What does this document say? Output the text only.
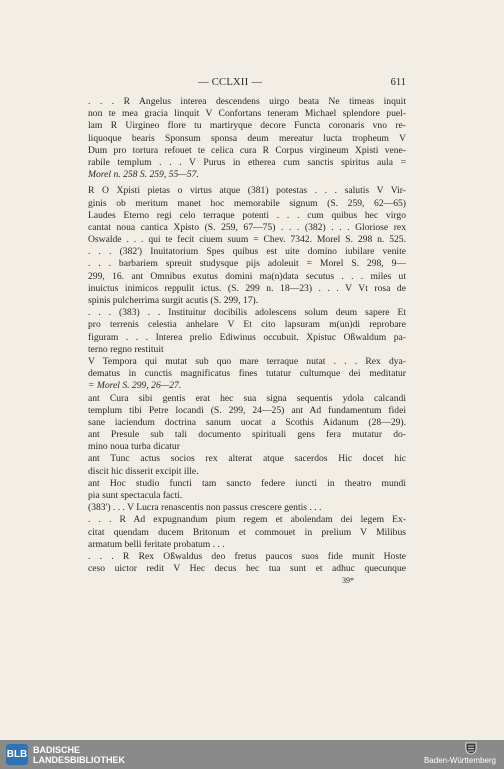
— CCLXII —	611
. . . R Angelus interea descendens uirgo beata Ne timeas inquit
non te mea gracia linquit V Confortans teneram Michael splendore puel-
lam R Uirgineo flore tu martiryque decore Functa coronaris vno re-
liquoque bearis Sponsum sponsa deum mereatur lucta tropheum V
Dum pro tortura refouet te celica cura R Corpus virgineum Xpisti vene-
rabile templum . . . V Purus in etherea cum sanctis spiritus aula =
Morel n. 258 S. 259, 55—57.
R O Xpisti pietas o virtus atque (381) potestas . . . salutis V Vir-
ginis ob meritum manet hoc memorabile signum (S. 259, 62—65)
Laudes Eterno regi celo terraque potenti . . . cum quibus hec virgo
cantat noua cantica Xpisto (S. 259, 67—75) . . . (382) . . . Gloriose rex
Oswalde . . . qui te fecit ciuem suum = Chev. 7342. Morel S. 298 n. 525.
. . . (382') Inuitatorium Spes quibus est uite domino iubilare venite
. . . barbariem spreuit studysque pijs adoleuit = Morel S. 298, 9—
299, 16. ant Omnibus exutus domini ma(n)data secutus . . . miles ut
inuictus inimicos reppulit ictus. (S. 299 n. 18—23) . . . V Vt rosa de
spinis pulcherrima surgit acutis (S. 299, 17).
. . . (383) . . Instituitur docibilis adolescens solum deum sapere Et
pro terrenis celestia anhelare V Et cito lapsuram m(un)di reprobare
figuram . . . Interea prelio Ediwinus occubuit. Xpistuc Oßwaldum pa-
terno regno restituit
V Tempora qui mutat sub quo mare terraque nutat . . . Rex dya-
dematus in cunctis magnificatus fines tutatur cultumque dei meditatur
= Morel S. 299, 26—27.
ant Cura sibi gentis erat hec sua signa sequentis ydola calcandi
templum tibi Petre locandi (S. 299, 24—25) ant Ad fundamentum fidei
sane iaciendum doctrina sanum uocat a Scothis Aidanum (28—29).
ant Presule sub tali documento spirituali gens fera mutatur do-
mino noua turba dicatur
ant Tunc actus socios rex alterat atque sacerdos Hic docet hic
discit hic disserit excipit ille.
ant Hoc studio functi tam sancto federe iuncti in theatro mundi
pia sunt spectacula facti.
(383') . . . V Lucra renascentis non passus crescere gentis . . .
. . . R Ad expugnandum pium regem et abolendam dei legem Ex-
citat quendam ducem Britonum et commouet in prelium V Milibus
armatum belli feritate probatum . . .
. . . R Rex Oßwaldus deo fretus paucos suos fide munit Hoste
ceso uictor redit V Hec decus hec tua sunt et adhuc quecunque
39*
BLB BADISCHE
LANDESBIBLIOTHEK	Baden-Württemberg
